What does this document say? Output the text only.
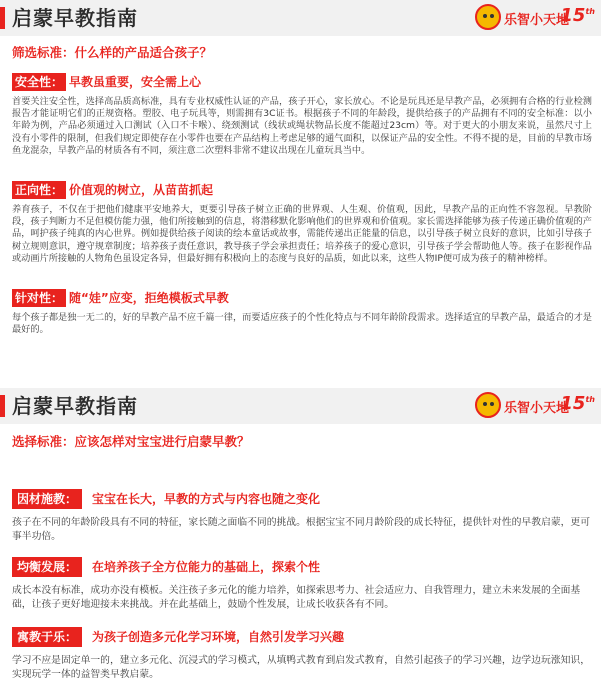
启蒙早教指南	乐智小天地
15th
筛选标准：什么样的产品适合孩子？
安全性： 早教虽重要，安全需上心
首要关注安全性，选择高品质高标准，具有专业权威性认证的产品，孩子开心，家长放心。不论是玩具还是早教产品，必须拥有合格的行业检测报告才能证明它们的正规资格。塑胶、电子玩具等，则需拥有3C证书。根据孩子不同的年龄段，提供给孩子的产品拥有不同的安全标准：以小年龄为例，产品必须通过入口测试（入口不卡喉）、绕颈测试（线状或绳状物品长度不能超过23cm）等。对于更大的小朋友来说，虽然尺寸上没有小零件的限制，但我们规定即使存在小零件也要在产品结构上考虑足够的通气面积，以保证产品的安全性。不得不提的是，目前的早教市场鱼龙混杂，早教产品的材质各有不同，须注意二次塑料非常不建议出现在儿童玩具当中。
正向性： 价值观的树立，从苗苗抓起
养育孩子，不仅在于把他们健康平安地养大，更要引导孩子树立正确的世界观、人生观、价值观，因此，早教产品的正向性不容忽视。早教阶段，孩子判断力不足但模仿能力强，他们所接触到的信息，将潜移默化影响他们的世界观和价值观。家长需选择能够为孩子传递正确价值观的产品，呵护孩子纯真的内心世界。例如提供给孩子阅读的绘本童话或故事，需能传递出正能量的信息，以引导孩子树立良好的意识，比如引导孩子树立规则意识，遵守规章制度；培养孩子责任意识，教导孩子学会承担责任；培养孩子的爱心意识，引导孩子学会帮助他人等。孩子在影视作品或动画片所接触的人物角色虽设定各异，但最好拥有积极向上的态度与良好的品质，如此以来，这些人物IP便可成为孩子的精神榜样。
针对性： 随“娃”应变，拒绝模板式早教
每个孩子都是独一无二的，好的早教产品不应千篇一律，而要适应孩子的个性化特点与不同年龄阶段需求。选择适宜的早教产品，最适合的才是最好的。
启蒙早教指南	乐智小天地
15th
选择标准：应该怎样对宝宝进行启蒙早教？
因材施教： 宝宝在长大，早教的方式与内容也随之变化
孩子在不同的年龄阶段具有不同的特征，家长随之面临不同的挑战。根据宝宝不同月龄阶段的成长特征，提供针对性的早教启蒙，更可事半功倍。
均衡发展： 在培养孩子全方位能力的基础上，探索个性
成长本没有标准，成功亦没有模板。关注孩子多元化的能力培养，如探索思考力、社会适应力、自我管理力，建立未来发展的全面基础，让孩子更好地迎接未来挑战。并在此基础上，鼓励个性发展，让成长收获各有不同。
寓教于乐： 为孩子创造多元化学习环境，自然引发学习兴趣
学习不应是固定单一的，建立多元化、沉浸式的学习模式，从填鸭式教育到启发式教育，自然引起孩子的学习兴趣，边学边玩涨知识，实现玩学一体的益智类早教启蒙。
